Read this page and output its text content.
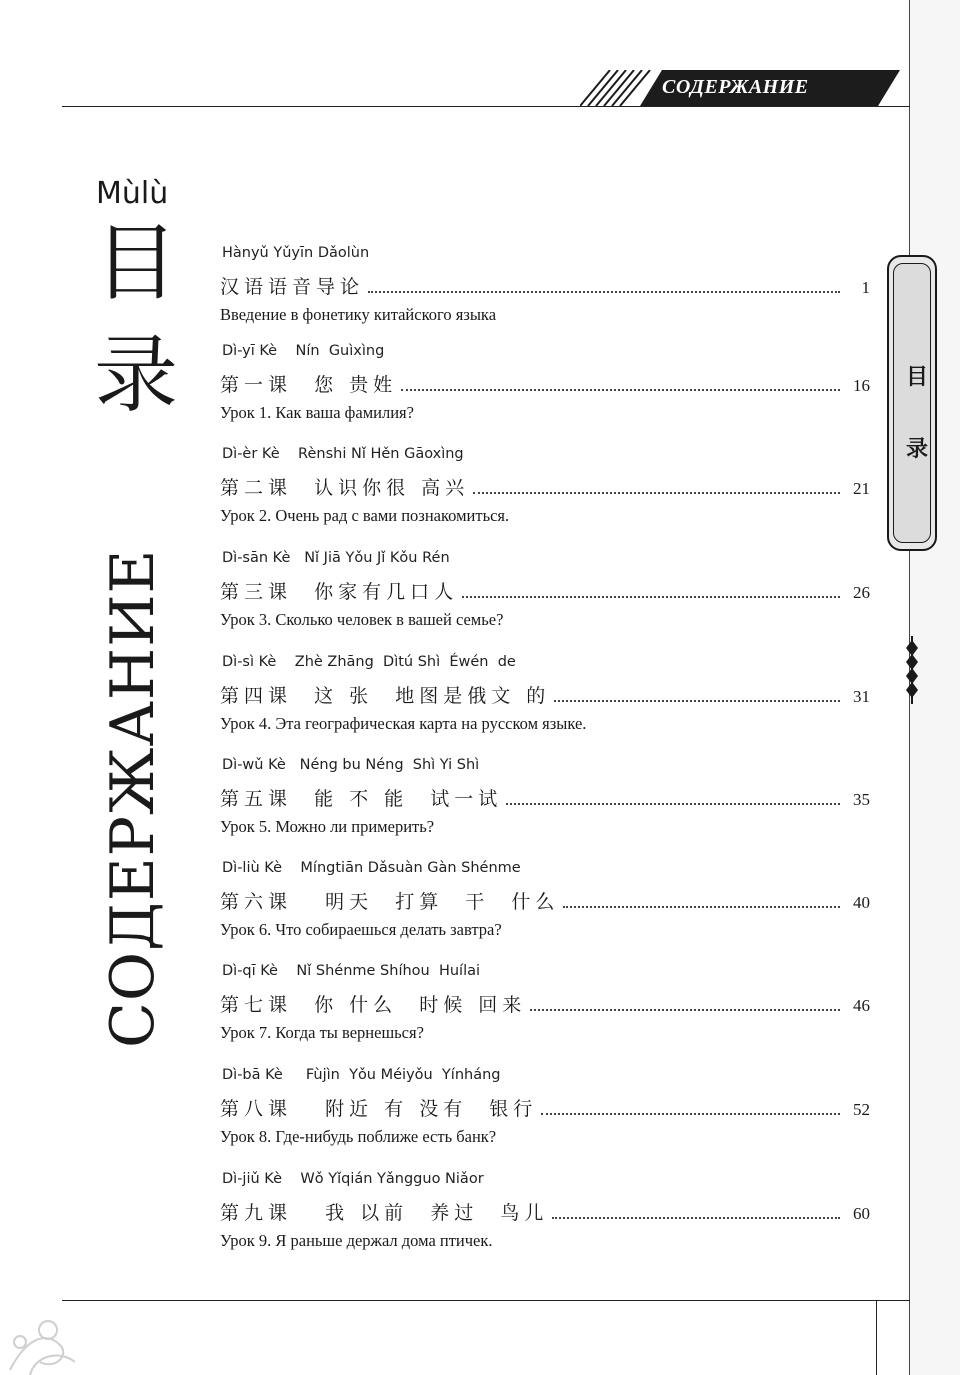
СОДЕРЖАНИЕ
Mùlù
目
录
СОДЕРЖАНИЕ
Hànyǔ Yǔyīn Dǎolùn
汉语语音导论	1
Введение в фонетику китайского языка
Dì-yī Kè    Nín  Guìxìng
第一课  您 贵姓	16
Урок 1. Как ваша фамилия?
Dì-èr Kè    Rènshi Nǐ Hěn Gāoxìng
第二课  认识你很 高兴	21
Урок 2. Очень рад с вами познакомиться.
Dì-sān Kè   Nǐ Jiā Yǒu Jǐ Kǒu Rén
第三课  你家有几口人	26
Урок 3. Сколько человек в вашей семье?
Dì-sì Kè    Zhè Zhāng  Dìtú Shì  Éwén  de
第四课  这 张  地图是俄文 的	31
Урок 4. Эта географическая карта на русском языке.
Dì-wǔ Kè   Néng bu Néng  Shì Yi Shì
第五课  能 不 能  试一试	35
Урок 5. Можно ли примерить?
Dì-liù Kè    Míngtiān Dǎsuàn Gàn Shénme
第六课   明天  打算  干  什么	40
Урок 6. Что собираешься делать завтра?
Dì-qī Kè    Nǐ Shénme Shíhou  Huílai
第七课  你 什么  时候 回来	46
Урок 7. Когда ты вернешься?
Dì-bā Kè     Fùjìn  Yǒu Méiyǒu  Yínháng
第八课   附近 有 没有  银行	52
Урок 8. Где-нибудь поближе есть банк?
Dì-jiǔ Kè    Wǒ Yǐqián Yǎngguo Niǎor
第九课   我 以前  养过  鸟儿	60
Урок 9. Я раньше держал дома птичек.
目
录
